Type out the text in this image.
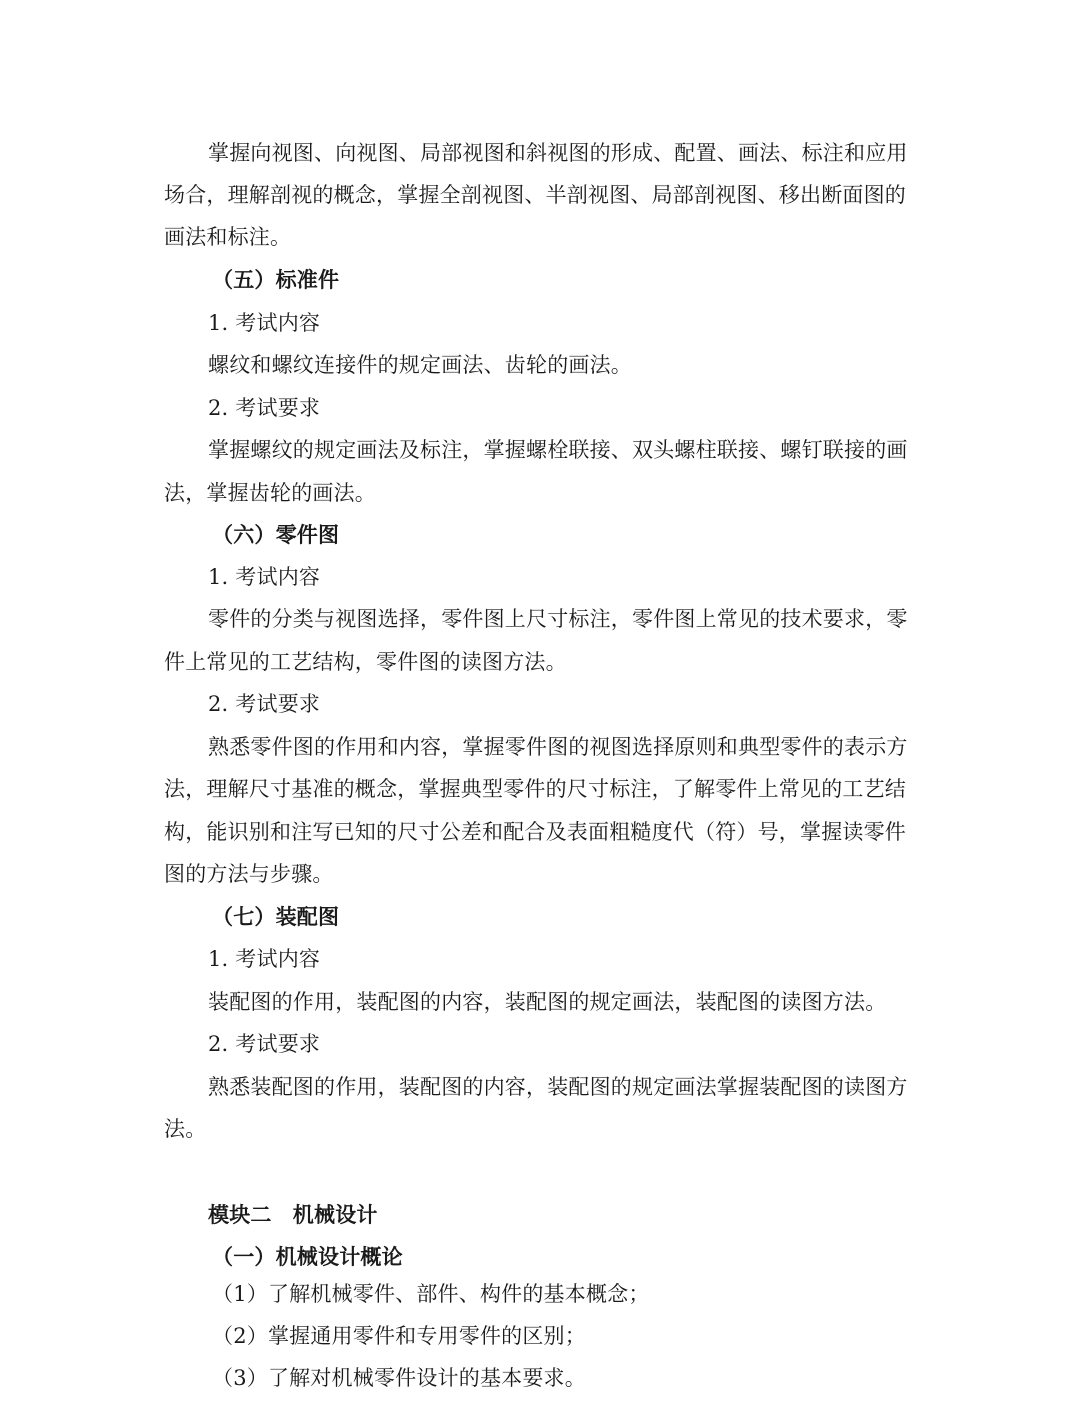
掌握向视图、向视图、局部视图和斜视图的形成、配置、画法、标注和应用
场合，理解剖视的概念，掌握全剖视图、半剖视图、局部剖视图、移出断面图的
画法和标注。
（五）标准件
1. 考试内容
螺纹和螺纹连接件的规定画法、齿轮的画法。
2. 考试要求
掌握螺纹的规定画法及标注，掌握螺栓联接、双头螺柱联接、螺钉联接的画
法，掌握齿轮的画法。
（六）零件图
1. 考试内容
零件的分类与视图选择，零件图上尺寸标注，零件图上常见的技术要求，零
件上常见的工艺结构，零件图的读图方法。
2. 考试要求
熟悉零件图的作用和内容，掌握零件图的视图选择原则和典型零件的表示方
法，理解尺寸基准的概念，掌握典型零件的尺寸标注，了解零件上常见的工艺结
构，能识别和注写已知的尺寸公差和配合及表面粗糙度代（符）号，掌握读零件
图的方法与步骤。
（七）装配图
1. 考试内容
装配图的作用，装配图的内容，装配图的规定画法，装配图的读图方法。
2. 考试要求
熟悉装配图的作用，装配图的内容，装配图的规定画法掌握装配图的读图方
法。
模块二　机械设计
（一）机械设计概论
（1）了解机械零件、部件、构件的基本概念；
（2）掌握通用零件和专用零件的区别；
（3）了解对机械零件设计的基本要求。
